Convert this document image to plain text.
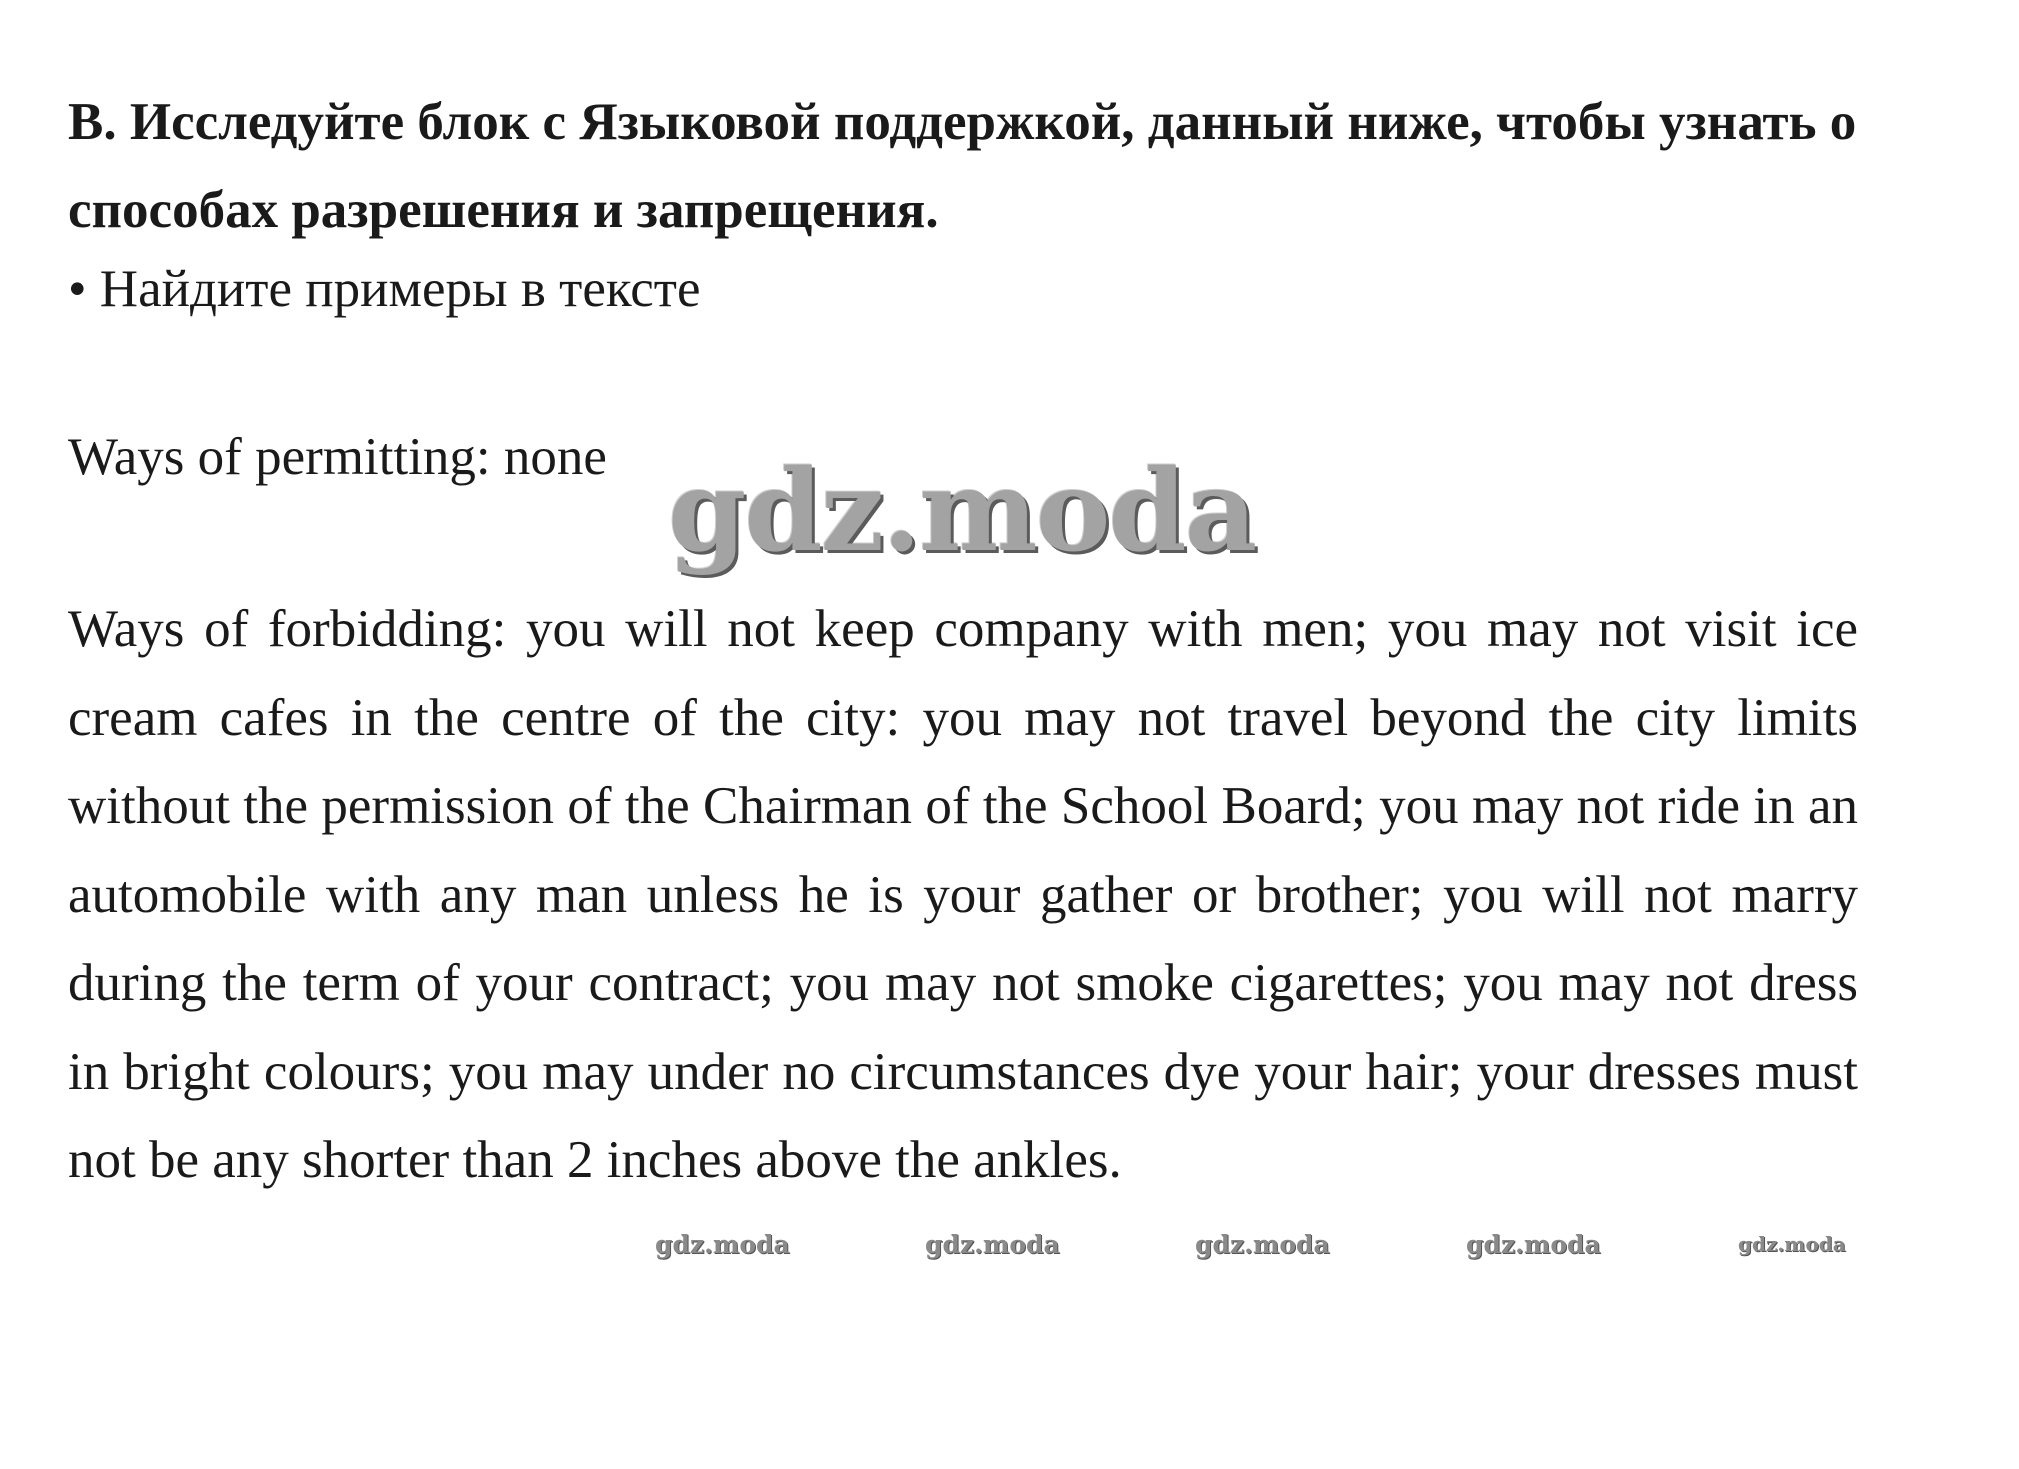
B. Исследуйте блок с Языковой поддержкой, данный ниже, чтобы узнать о способах разрешения и запрещения.

• Найдите примеры в тексте

Ways of permitting: none gdz.moda

Ways of forbidding: you will not keep company with men; you may not visit ice cream cafes in the centre of the city: you may not travel beyond the city limits without the permission of the Chairman of the School Board; you may not ride in an automobile with any man unless he is your gather or brother; you will not marry during the term of your contract; you may not smoke cigarettes; you may not dress in bright colours; you may under no circumstances dye your hair; your dresses must not be any shorter than 2 inches above the ankles.

gdz.moda	gdz.moda	gdz.moda	gdz.moda	gdz.moda
